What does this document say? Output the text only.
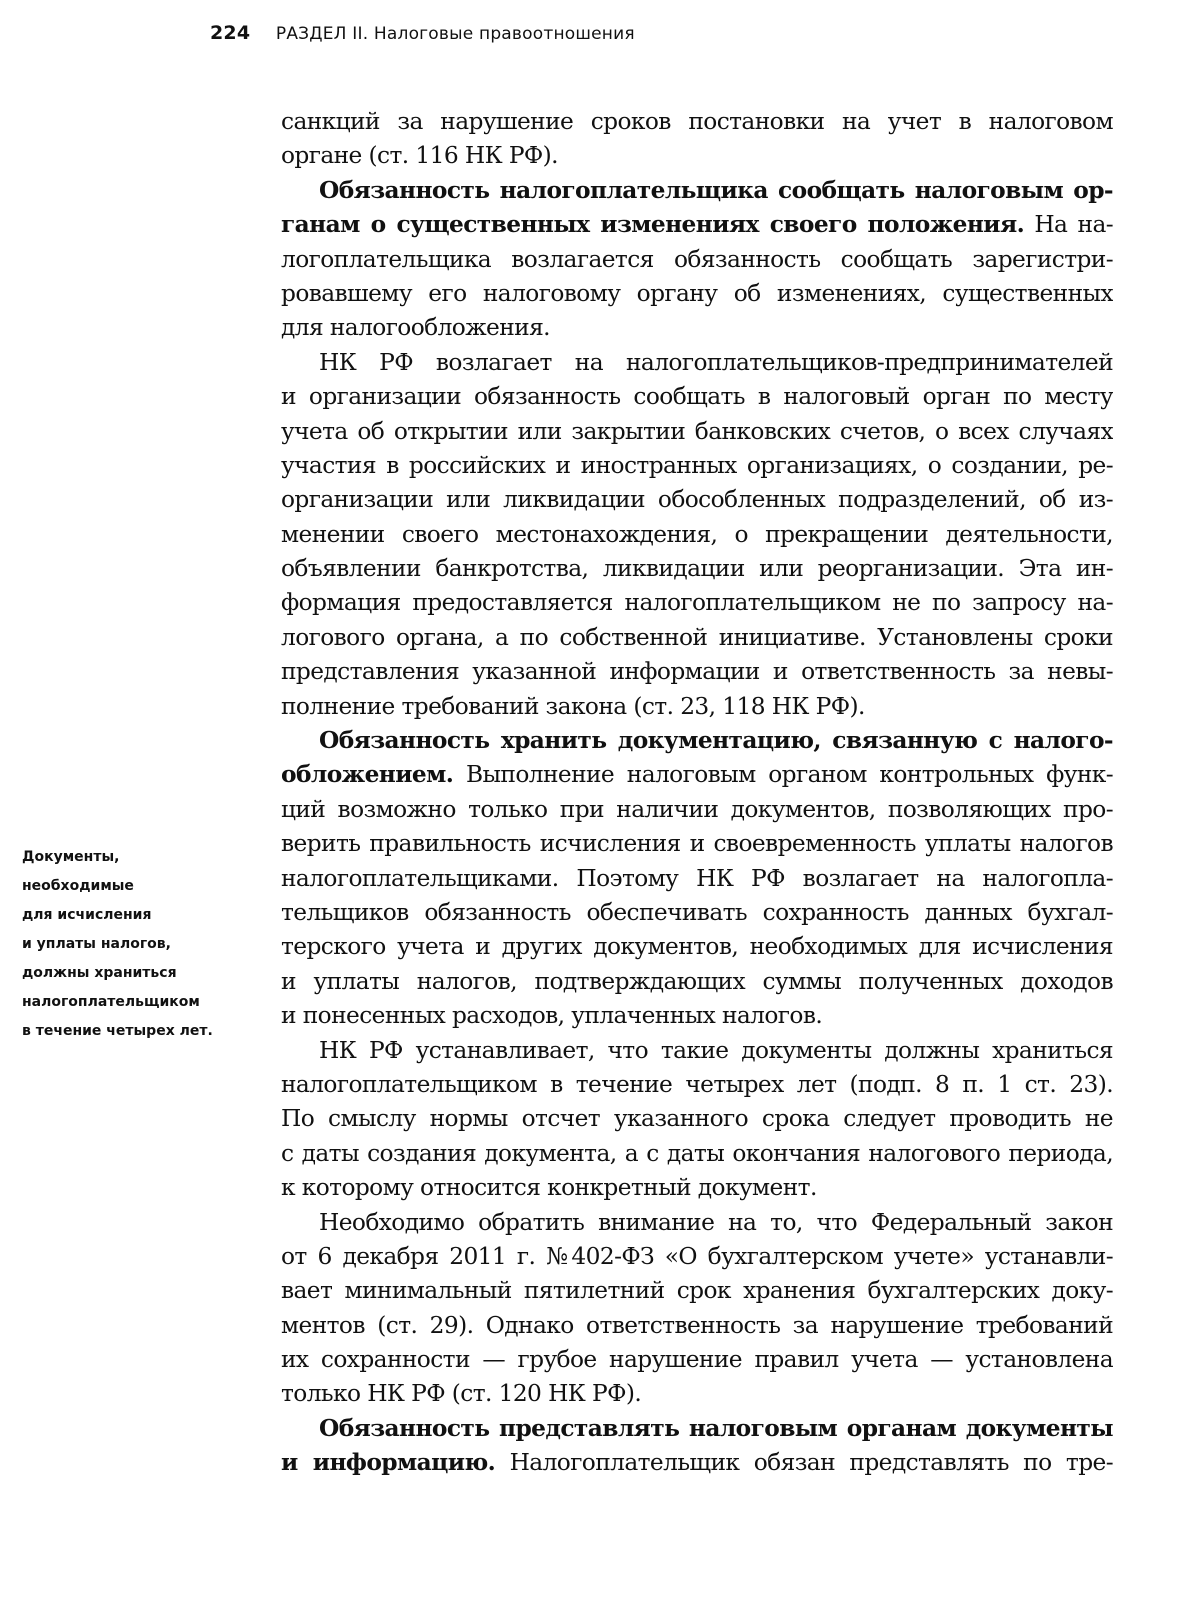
224 РАЗДЕЛ II. Налоговые правоотношения
Документы,
необходимые
для исчисления
и уплаты налогов,
должны храниться
налогоплательщиком
в течение четырех лет.
санкций за нарушение сроков постановки на учет в налоговом
органе (ст. 116 НК РФ).
Обязанность налогоплательщика сообщать налоговым ор-
ганам о существенных изменениях своего положения. На на-
логоплательщика возлагается обязанность сообщать зарегистри-
ровавшему его налоговому органу об изменениях, существенных
для налогообложения.
НК РФ возлагает на налогоплательщиков-предпринимателей
и организации обязанность сообщать в налоговый орган по месту
учета об открытии или закрытии банковских счетов, о всех случаях
участия в российских и иностранных организациях, о создании, ре-
организации или ликвидации обособленных подразделений, об из-
менении своего местонахождения, о прекращении деятельности,
объявлении банкротства, ликвидации или реорганизации. Эта ин-
формация предоставляется налогоплательщиком не по запросу на-
логового органа, а по собственной инициативе. Установлены сроки
представления указанной информации и ответственность за невы-
полнение требований закона (ст. 23, 118 НК РФ).
Обязанность хранить документацию, связанную с налого-
обложением. Выполнение налоговым органом контрольных функ-
ций возможно только при наличии документов, позволяющих про-
верить правильность исчисления и своевременность уплаты налогов
налогоплательщиками. Поэтому НК РФ возлагает на налогопла-
тельщиков обязанность обеспечивать сохранность данных бухгал-
терского учета и других документов, необходимых для исчисления
и уплаты налогов, подтверждающих суммы полученных доходов
и понесенных расходов, уплаченных налогов.
НК РФ устанавливает, что такие документы должны храниться
налогоплательщиком в течение четырех лет (подп. 8 п. 1 ст. 23).
По смыслу нормы отсчет указанного срока следует проводить не
с даты создания документа, а с даты окончания налогового периода,
к которому относится конкретный документ.
Необходимо обратить внимание на то, что Федеральный закон
от 6 декабря 2011 г. №402-ФЗ «О бухгалтерском учете» устанавли-
вает минимальный пятилетний срок хранения бухгалтерских доку-
ментов (ст. 29). Однако ответственность за нарушение требований
их сохранности — грубое нарушение правил учета — установлена
только НК РФ (ст. 120 НК РФ).
Обязанность представлять налоговым органам документы
и информацию. Налогоплательщик обязан представлять по тре-
